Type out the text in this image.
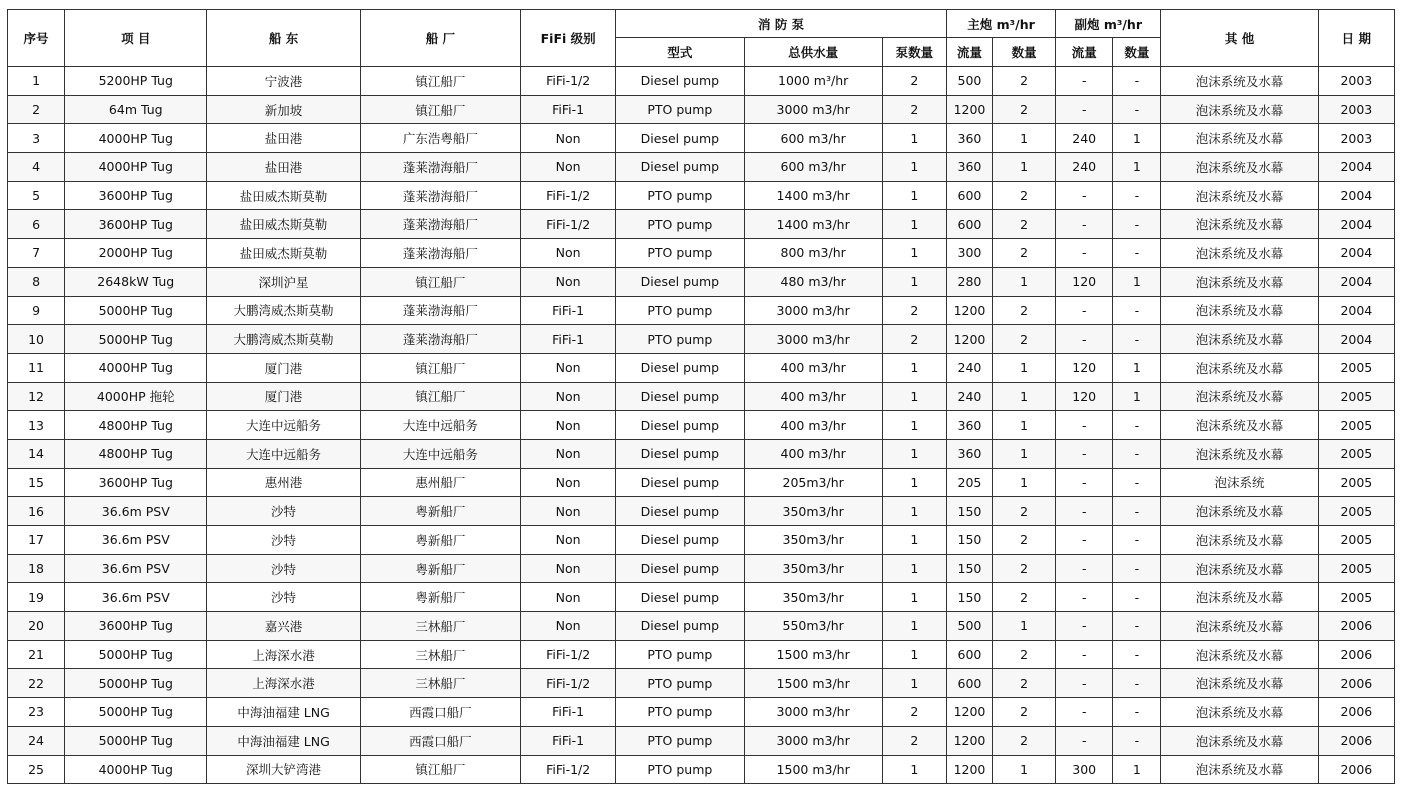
序号	项 目	船 东	船 厂	FiFi 级别	消 防 泵			主炮 m³/hr		副炮 m³/hr		其 他	日 期
					型式	总供水量	泵数量	流量	数量	流量	数量		
1	5200HP Tug	宁波港	镇江船厂	FiFi-1/2	Diesel pump	1000 m³/hr	2	500	2	-	-	泡沫系统及水幕	2003
2	64m Tug	新加坡	镇江船厂	FiFi-1	PTO pump	3000 m3/hr	2	1200	2	-	-	泡沫系统及水幕	2003
3	4000HP Tug	盐田港	广东浩粤船厂	Non	Diesel pump	600 m3/hr	1	360	1	240	1	泡沫系统及水幕	2003
4	4000HP Tug	盐田港	蓬莱渤海船厂	Non	Diesel pump	600 m3/hr	1	360	1	240	1	泡沫系统及水幕	2004
5	3600HP Tug	盐田威杰斯莫勒	蓬莱渤海船厂	FiFi-1/2	PTO pump	1400 m3/hr	1	600	2	-	-	泡沫系统及水幕	2004
6	3600HP Tug	盐田威杰斯莫勒	蓬莱渤海船厂	FiFi-1/2	PTO pump	1400 m3/hr	1	600	2	-	-	泡沫系统及水幕	2004
7	2000HP Tug	盐田威杰斯莫勒	蓬莱渤海船厂	Non	PTO pump	800 m3/hr	1	300	2	-	-	泡沫系统及水幕	2004
8	2648kW Tug	深圳沪星	镇江船厂	Non	Diesel pump	480 m3/hr	1	280	1	120	1	泡沫系统及水幕	2004
9	5000HP Tug	大鹏湾威杰斯莫勒	蓬莱渤海船厂	FiFi-1	PTO pump	3000 m3/hr	2	1200	2	-	-	泡沫系统及水幕	2004
10	5000HP Tug	大鹏湾威杰斯莫勒	蓬莱渤海船厂	FiFi-1	PTO pump	3000 m3/hr	2	1200	2	-	-	泡沫系统及水幕	2004
11	4000HP Tug	厦门港	镇江船厂	Non	Diesel pump	400 m3/hr	1	240	1	120	1	泡沫系统及水幕	2005
12	4000HP 拖轮	厦门港	镇江船厂	Non	Diesel pump	400 m3/hr	1	240	1	120	1	泡沫系统及水幕	2005
13	4800HP Tug	大连中远船务	大连中远船务	Non	Diesel pump	400 m3/hr	1	360	1	-	-	泡沫系统及水幕	2005
14	4800HP Tug	大连中远船务	大连中远船务	Non	Diesel pump	400 m3/hr	1	360	1	-	-	泡沫系统及水幕	2005
15	3600HP Tug	惠州港	惠州船厂	Non	Diesel pump	205m3/hr	1	205	1	-	-	泡沫系统	2005
16	36.6m PSV	沙特	粤新船厂	Non	Diesel pump	350m3/hr	1	150	2	-	-	泡沫系统及水幕	2005
17	36.6m PSV	沙特	粤新船厂	Non	Diesel pump	350m3/hr	1	150	2	-	-	泡沫系统及水幕	2005
18	36.6m PSV	沙特	粤新船厂	Non	Diesel pump	350m3/hr	1	150	2	-	-	泡沫系统及水幕	2005
19	36.6m PSV	沙特	粤新船厂	Non	Diesel pump	350m3/hr	1	150	2	-	-	泡沫系统及水幕	2005
20	3600HP Tug	嘉兴港	三林船厂	Non	Diesel pump	550m3/hr	1	500	1	-	-	泡沫系统及水幕	2006
21	5000HP Tug	上海深水港	三林船厂	FiFi-1/2	PTO pump	1500 m3/hr	1	600	2	-	-	泡沫系统及水幕	2006
22	5000HP Tug	上海深水港	三林船厂	FiFi-1/2	PTO pump	1500 m3/hr	1	600	2	-	-	泡沫系统及水幕	2006
23	5000HP Tug	中海油福建 LNG	西霞口船厂	FiFi-1	PTO pump	3000 m3/hr	2	1200	2	-	-	泡沫系统及水幕	2006
24	5000HP Tug	中海油福建 LNG	西霞口船厂	FiFi-1	PTO pump	3000 m3/hr	2	1200	2	-	-	泡沫系统及水幕	2006
25	4000HP Tug	深圳大铲湾港	镇江船厂	FiFi-1/2	PTO pump	1500 m3/hr	1	1200	1	300	1	泡沫系统及水幕	2006
